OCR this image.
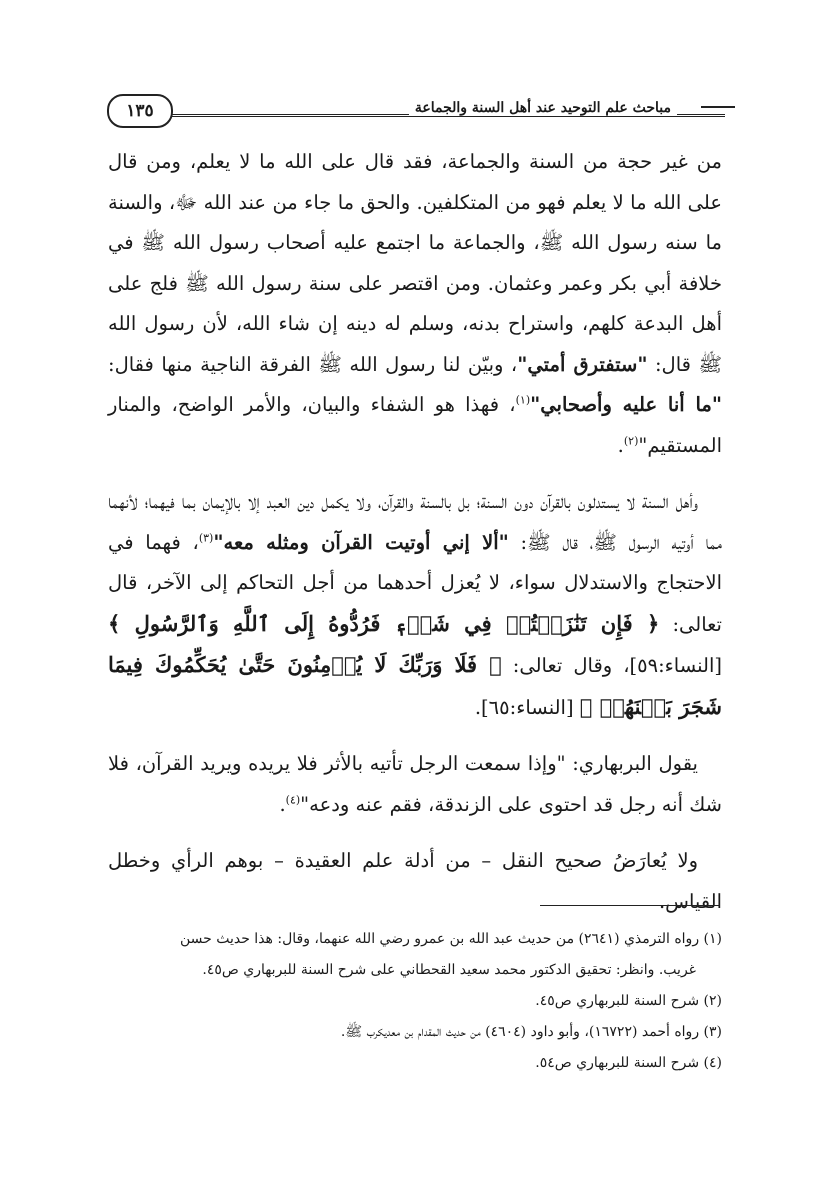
مباحث علم التوحيد عند أهل السنة والجماعة
١٣٥

من غير حجة من السنة والجماعة، فقد قال على الله ما لا يعلم، ومن قال على الله ما لا يعلم فهو من المتكلفين. والحق ما جاء من عند الله ﷻ، والسنة ما سنه رسول الله ﷺ، والجماعة ما اجتمع عليه أصحاب رسول الله ﷺ في خلافة أبي بكر وعمر وعثمان. ومن اقتصر على سنة رسول الله ﷺ فلج على أهل البدعة كلهم، واستراح بدنه، وسلم له دينه إن شاء الله، لأن رسول الله ﷺ قال: "ستفترق أمتي"، وبيّن لنا رسول الله ﷺ الفرقة الناجية منها فقال: "ما أنا عليه وأصحابي"$^{(١)}$، فهذا هو الشفاء والبيان، والأمر الواضح، والمنار المستقيم"$^{(٢)}$.

وأهل السنة لا يستدلون بالقرآن دون السنة؛ بل بالسنة والقرآن، ولا يكمل دين العبد إلا بالإيمان بما فيهما؛ لأنهما مما أوتيه الرسول ﷺ، قال ﷺ: "ألا إني أوتيت القرآن ومثله معه"$^{(٣)}$، فهما في الاحتجاج والاستدلال سواء، لا يُعزل أحدهما من أجل التحاكم إلى الآخر، قال تعالى: ﴿ فَإِن تَنَٰزَعۡتُمۡ فِي شَيۡءٖ فَرُدُّوهُ إِلَى ٱللَّهِ وَٱلرَّسُولِ ﴾ [النساء:٥٩]، وقال تعالى: ﴿ فَلَا وَرَبِّكَ لَا يُؤۡمِنُونَ حَتَّىٰ يُحَكِّمُوكَ فِيمَا شَجَرَ بَيۡنَهُمۡ ﴾ [النساء:٦٥].

يقول البربهاري: "وإذا سمعت الرجل تأتيه بالأثر فلا يريده ويريد القرآن، فلا شك أنه رجل قد احتوى على الزندقة، فقم عنه ودعه"$^{(٤)}$.

ولا يُعارَضُ صحيح النقل – من أدلة علم العقيدة – بوهم الرأي وخطل القياس.

(١) رواه الترمذي (٢٦٤١) من حديث عبد الله بن عمرو رضي الله عنهما، وقال: هذا حديث حسن

غريب. وانظر: تحقيق الدكتور محمد سعيد القحطاني على شرح السنة للبربهاري ص٤٥.

(٢) شرح السنة للبربهاري ص٤٥.

(٣) رواه أحمد (١٦٧٢٢)، وأبو داود (٤٦٠٤) من حديث المقدام بن معديكرب ﷺ.

(٤) شرح السنة للبربهاري ص٥٤.
